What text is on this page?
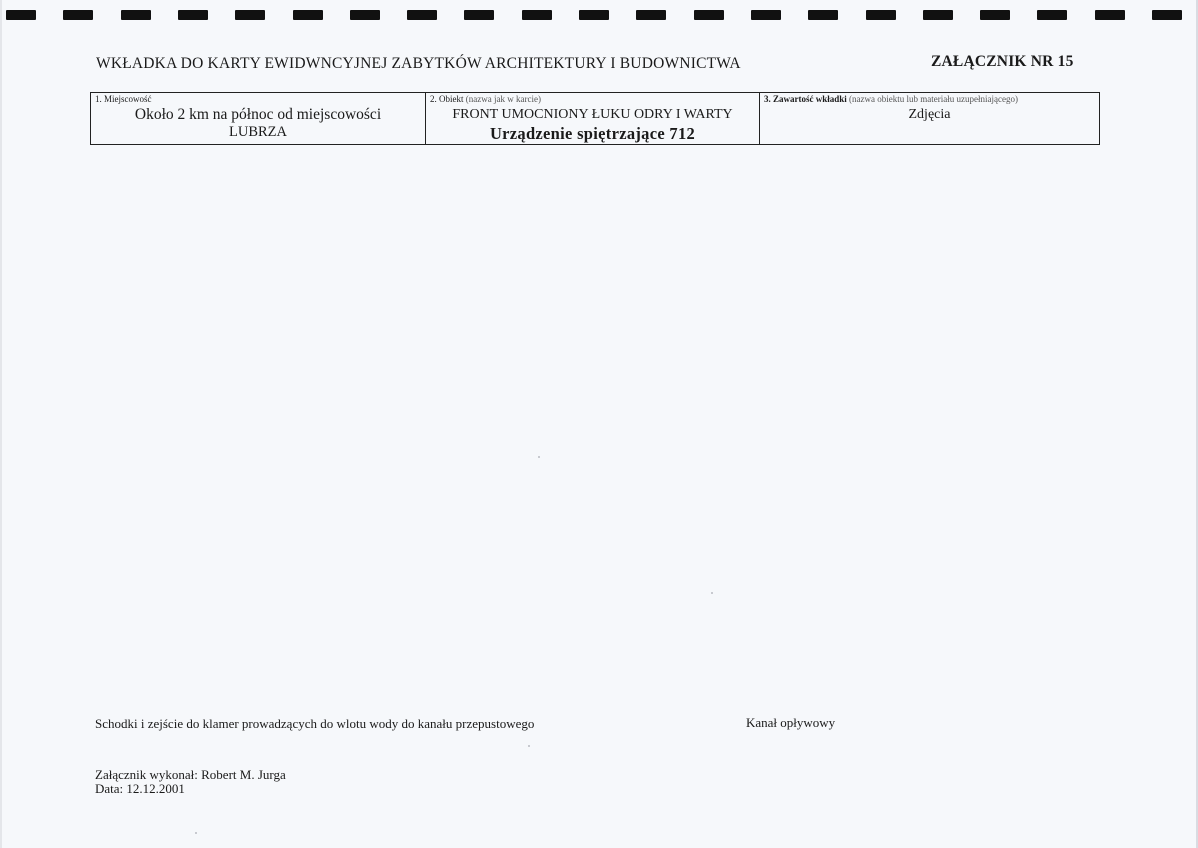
WKŁADKA DO KARTY EWIDWNCYJNEJ ZABYTKÓW ARCHITEKTURY I BUDOWNICTWA	ZAŁĄCZNIK NR 15
1. Miejscowość
Około 2 km na północ od miejscowości
LUBRZA
2. Obiekt (nazwa jak w karcie)
FRONT UMOCNIONY ŁUKU ODRY I WARTY
Urządzenie spiętrzające 712
3. Zawartość wkładki (nazwa obiektu lub materiału uzupełniającego)
Zdjęcia
Schodki i zejście do klamer prowadzących do wlotu wody do kanału przepustowego	Kanał opływowy
Załącznik wykonał: Robert M. Jurga
Data: 12.12.2001
